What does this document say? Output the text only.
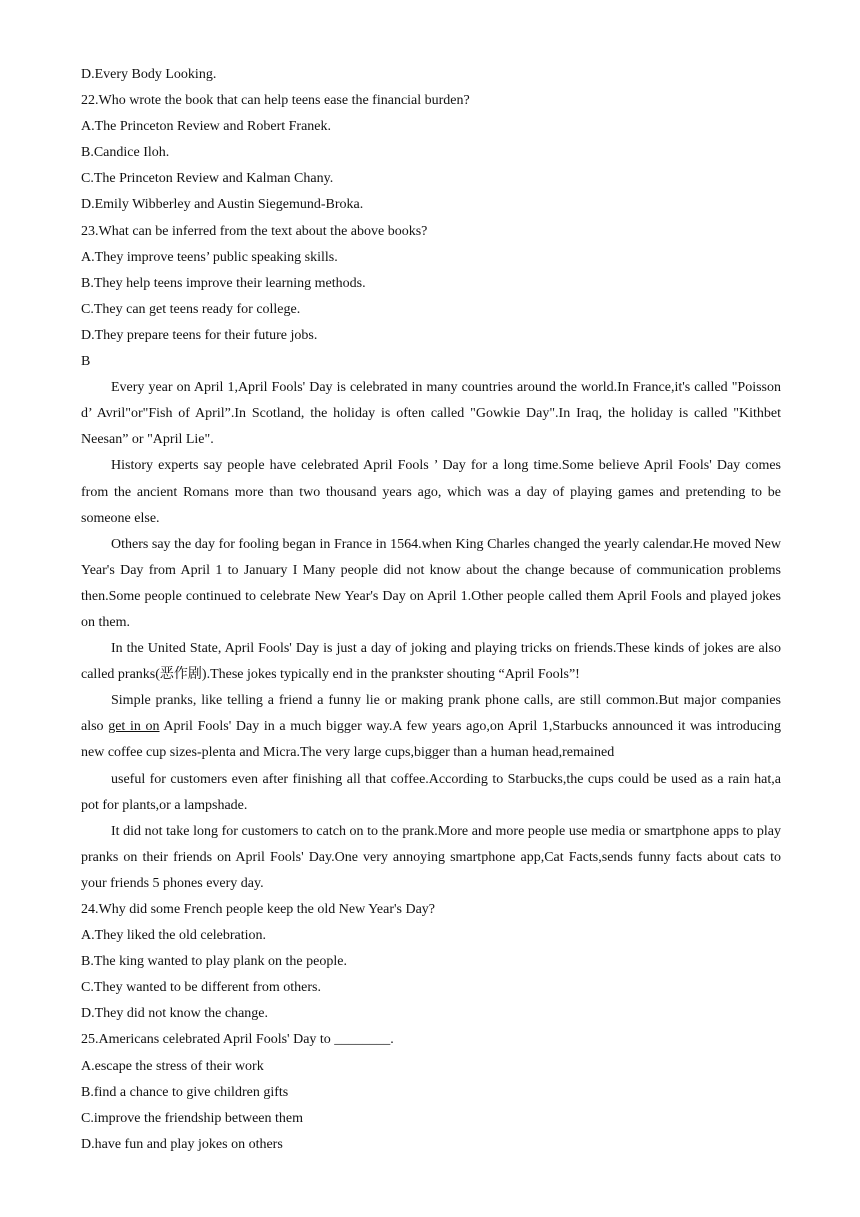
D.Every Body Looking.

22.Who wrote the book that can help teens ease the financial burden?

A.The Princeton Review and Robert Franek.

B.Candice Iloh.

C.The Princeton Review and Kalman Chany.

D.Emily Wibberley and Austin Siegemund-Broka.

23.What can be inferred from the text about the above books?

A.They improve teens’ public speaking skills.

B.They help teens improve their learning methods.

C.They can get teens ready for college.

D.They prepare teens for their future jobs.

B

Every year on April 1,April Fools' Day is celebrated in many countries around the world.In France,it's called "Poisson d’ Avril"or"Fish of April”.In Scotland, the holiday is often called "Gowkie Day".In Iraq, the holiday is called "Kithbet Neesan” or "April Lie".

History experts say people have celebrated April Fools ’ Day for a long time.Some believe April Fools' Day comes from the ancient Romans more than two thousand years ago, which was a day of playing games and pretending to be someone else.

Others say the day for fooling began in France in 1564.when King Charles changed the yearly calendar.He moved New Year's Day from April 1 to January I Many people did not know about the change because of communication problems then.Some people continued to celebrate New Year's Day on April 1.Other people called them April Fools and played jokes on them.

In the United State, April Fools' Day is just a day of joking and playing tricks on friends.These kinds of jokes are also called pranks(恶作剧).These jokes typically end in the prankster shouting “April Fools”!

Simple pranks, like telling a friend a funny lie or making prank phone calls, are still common.But major companies also get in on April Fools' Day in a much bigger way.A few years ago,on April 1,Starbucks announced it was introducing new coffee cup sizes-plenta and Micra.The very large cups,bigger than a human head,remained

useful for customers even after finishing all that coffee.According to Starbucks,the cups could be used as a rain hat,a pot for plants,or a lampshade.

It did not take long for customers to catch on to the prank.More and more people use media or smartphone apps to play pranks on their friends on April Fools' Day.One very annoying smartphone app,Cat Facts,sends funny facts about cats to your friends 5 phones every day.

24.Why did some French people keep the old New Year's Day?

A.They liked the old celebration.

B.The king wanted to play plank on the people.

C.They wanted to be different from others.

D.They did not know the change.

25.Americans celebrated April Fools' Day to ________.

A.escape the stress of their work

B.find a chance to give children gifts

C.improve the friendship between them

D.have fun and play jokes on others
